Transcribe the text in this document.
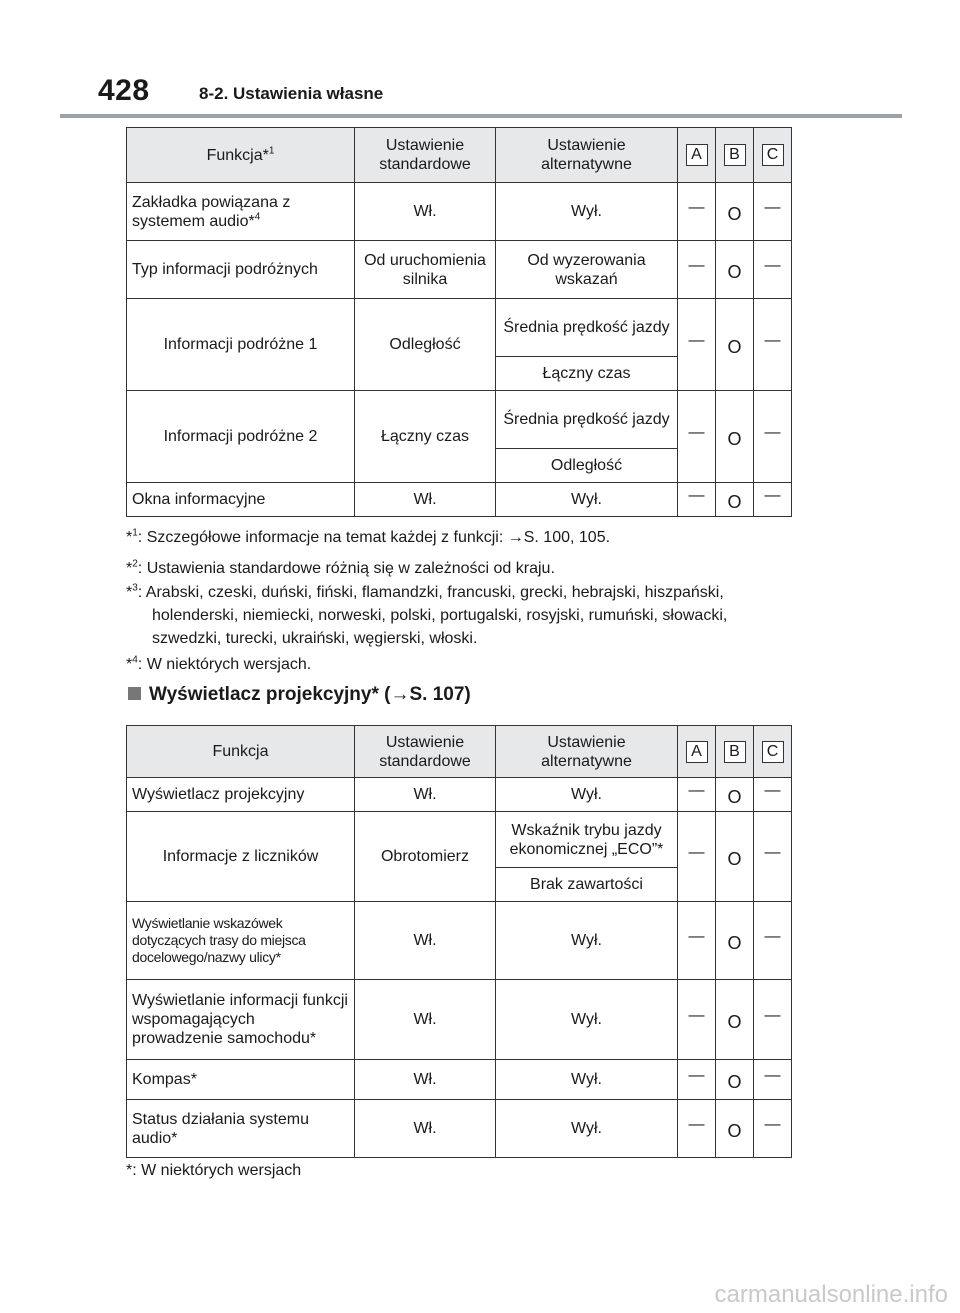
428	8-2. Ustawienia własne
Funkcja*$^1$	Ustawienie standardowe	Ustawienie alternatywne	A	B	C
Zakładka powiązana z systemem audio*$^4$	Wł.	Wył.	—	O	—
Typ informacji podróżnych	Od uruchomienia silnika	Od wyzerowania wskazań	—	O	—
Informacji podróżne 1	Odległość	Średnia prędkość jazdy	—	O	—
		Łączny czas			
Informacji podróżne 2	Łączny czas	Średnia prędkość jazdy	—	O	—
		Odległość			
Okna informacyjne	Wł.	Wył.	—	O	—
*$^1$: Szczegółowe informacje na temat każdej z funkcji: →S. 100, 105.
*$^2$: Ustawienia standardowe różnią się w zależności od kraju.
*$^3$: Arabski, czeski, duński, fiński, flamandzki, francuski, grecki, hebrajski, hiszpański,
holenderski, niemiecki, norweski, polski, portugalski, rosyjski, rumuński, słowacki,
szwedzki, turecki, ukraiński, węgierski, włoski.
*$^4$: W niektórych wersjach.
Wyświetlacz projekcyjny* (→S. 107)
Funkcja	Ustawienie standardowe	Ustawienie alternatywne	A	B	C
Wyświetlacz projekcyjny	Wł.	Wył.	—	O	—
Informacje z liczników	Obrotomierz	Wskaźnik trybu jazdy ekonomicznej „ECO”*	—	O	—
		Brak zawartości			
Wyświetlanie wskazówek dotyczących trasy do miejsca docelowego/nazwy ulicy*	Wł.	Wył.	—	O	—
Wyświetlanie informacji funkcji wspomagających prowadzenie samochodu*	Wł.	Wył.	—	O	—
Kompas*	Wł.	Wył.	—	O	—
Status działania systemu audio*	Wł.	Wył.	—	O	—
*: W niektórych wersjach
carmanualsonline.info
